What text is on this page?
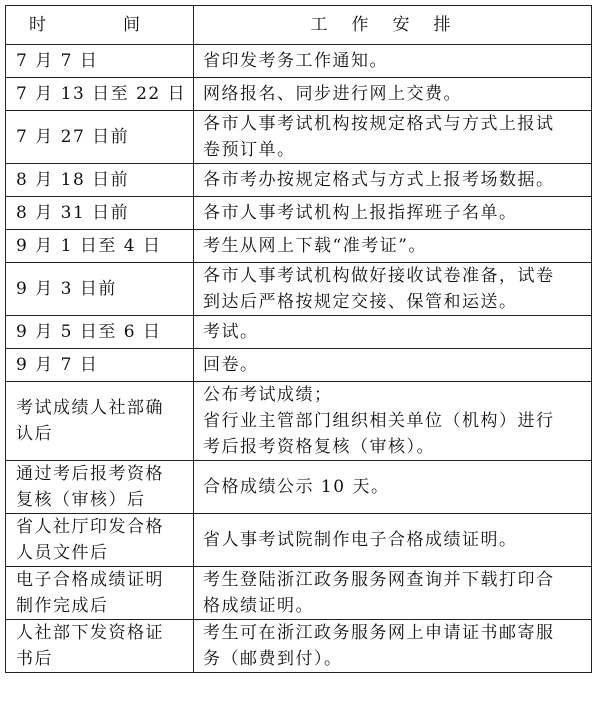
时　间	工作安排

7 月 7 日	省印发考务工作通知。

7 月 13 日至 22 日	网络报名、同步进行网上交费。

7 月 27 日前	各市人事考试机构按规定格式与方式上报试
卷预订单。

8 月 18 日前	各市考办按规定格式与方式上报考场数据。

8 月 31 日前	各市人事考试机构上报指挥班子名单。

9 月 1 日至 4 日	考生从网上下载“准考证”。

9 月 3 日前	各市人事考试机构做好接收试卷准备，试卷
到达后严格按规定交接、保管和运送。

9 月 5 日至 6 日	考试。

9 月 7 日	回卷。

考试成绩人社部确
认后	公布考试成绩；
省行业主管部门组织相关单位（机构）进行
考后报考资格复核（审核）。

通过考后报考资格
复核（审核）后	合格成绩公示 10 天。

省人社厅印发合格
人员文件后	省人事考试院制作电子合格成绩证明。

电子合格成绩证明
制作完成后	考生登陆浙江政务服务网查询并下载打印合
格成绩证明。

人社部下发资格证
书后	考生可在浙江政务服务网上申请证书邮寄服
务（邮费到付）。
